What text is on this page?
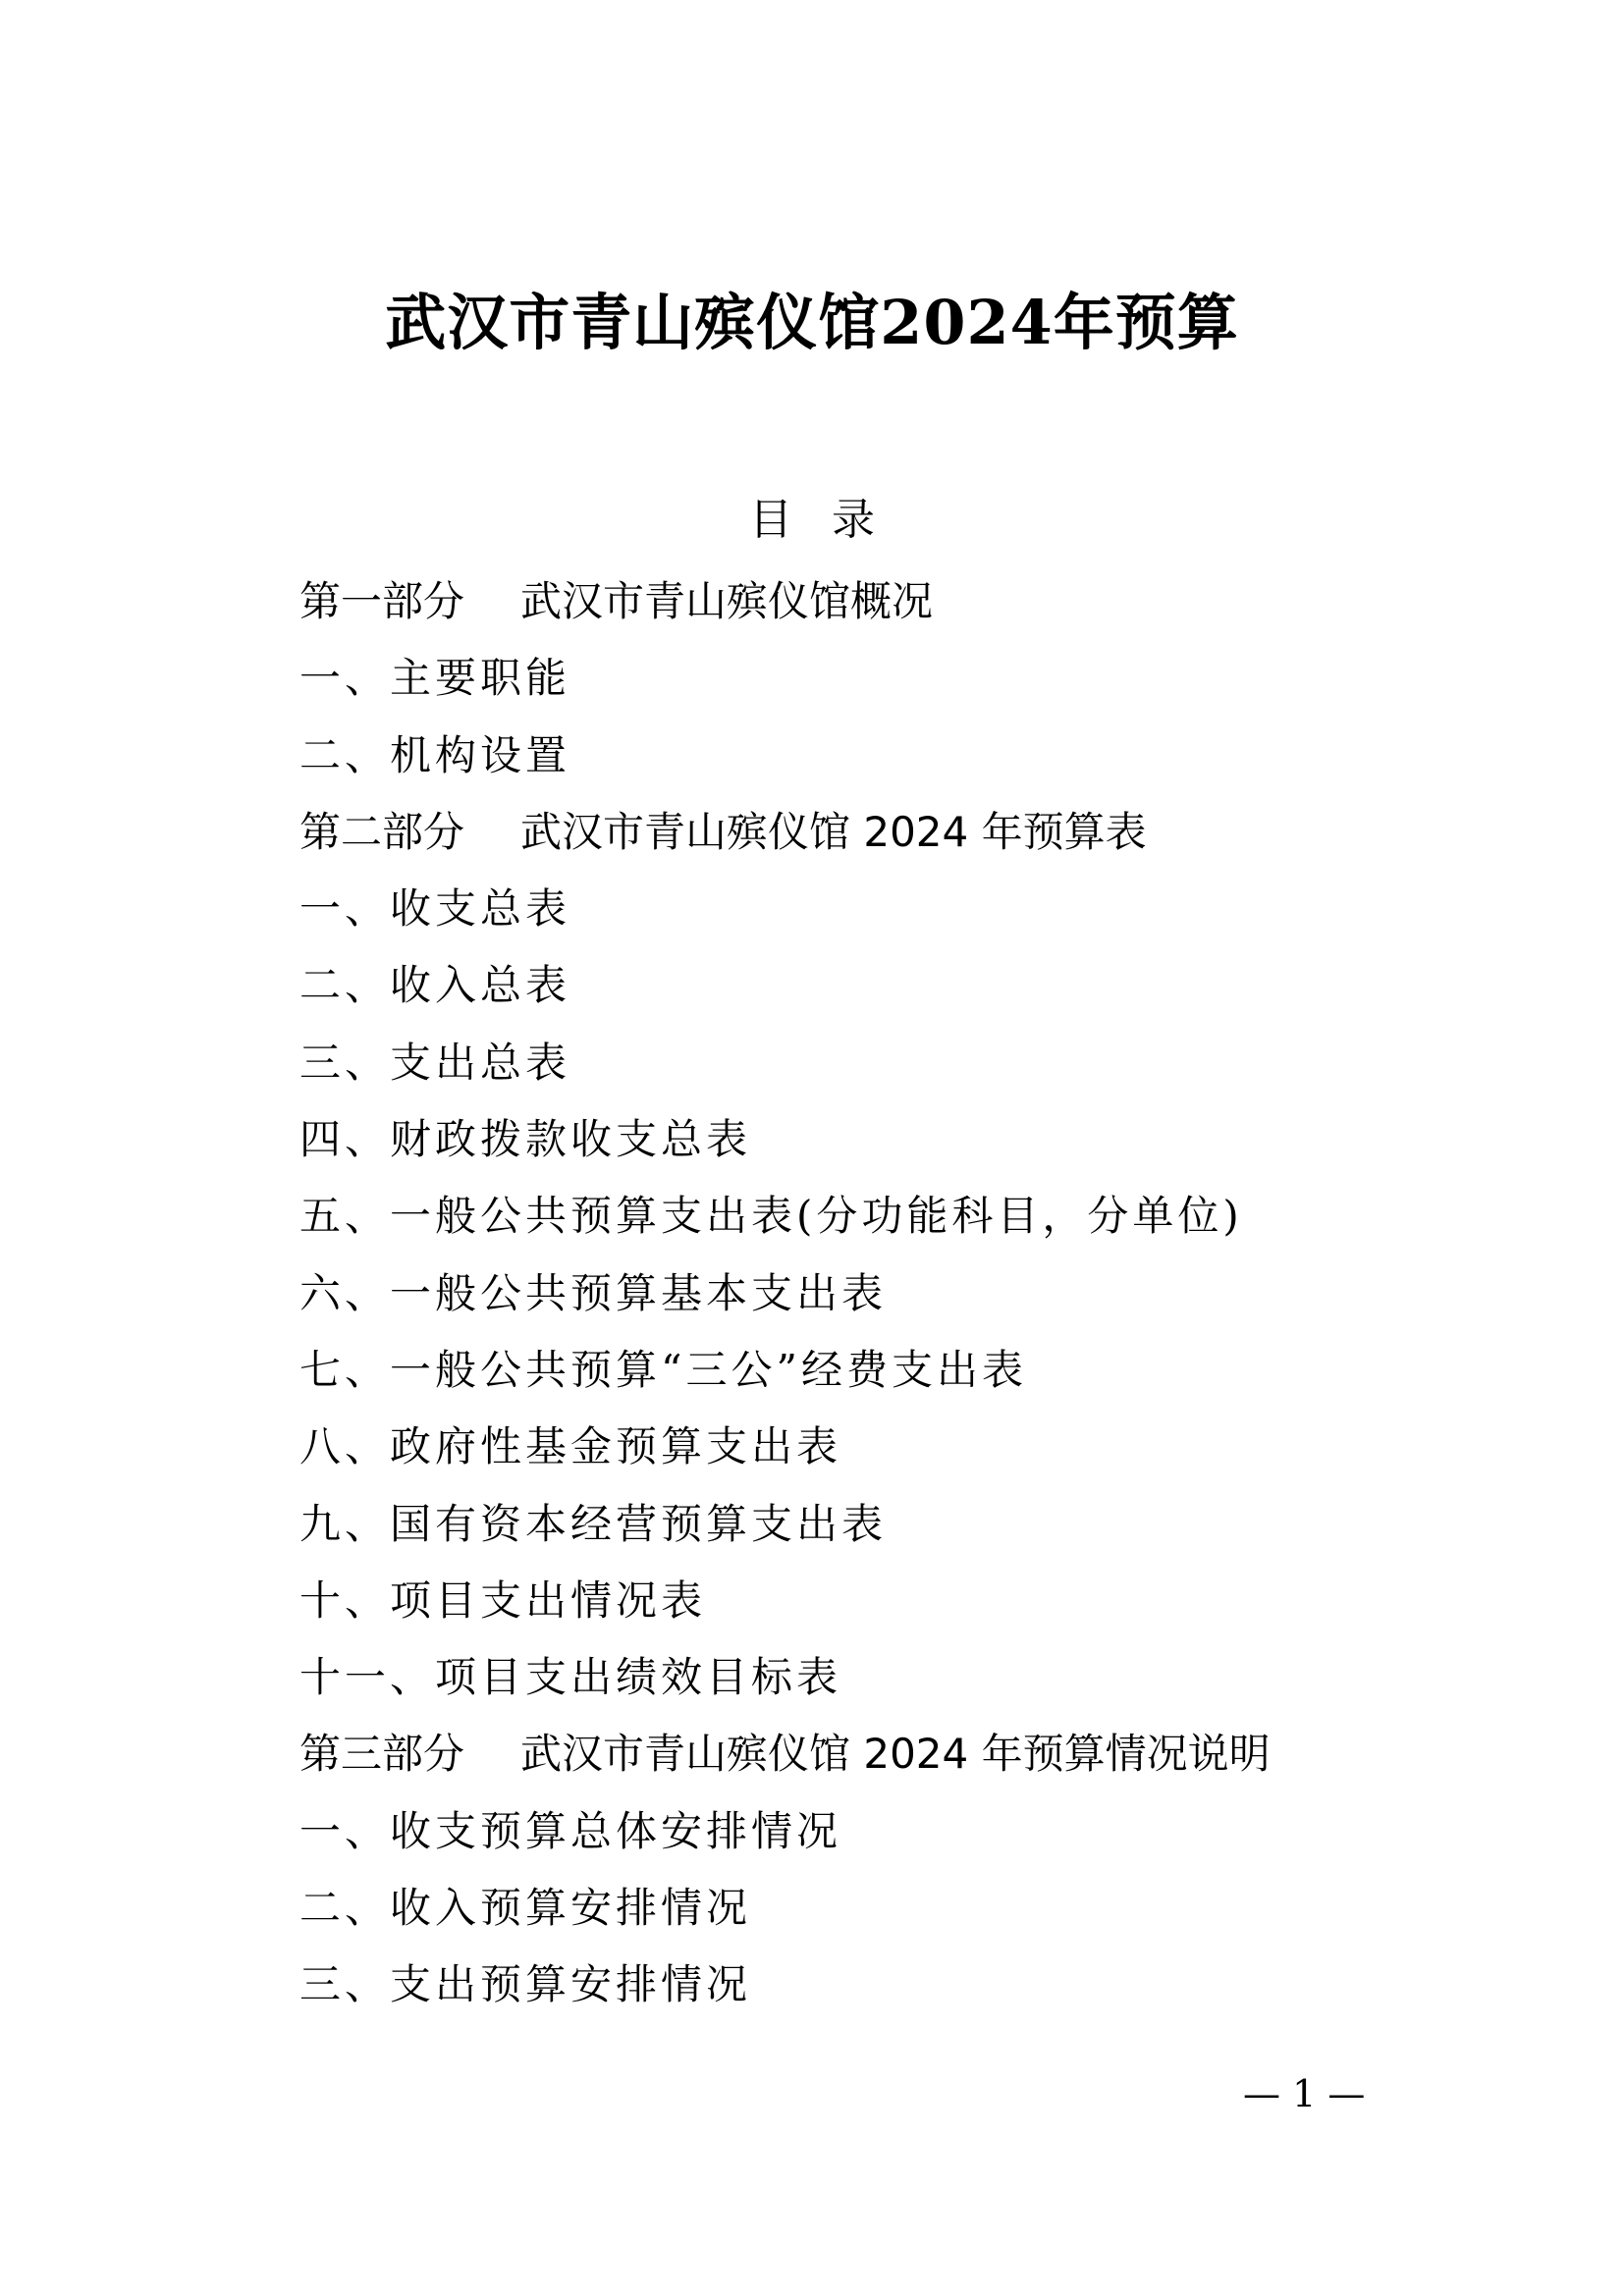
武汉市青山殡仪馆2024年预算
目录
第一部分 武汉市青山殡仪馆概况
一、主要职能
二、机构设置
第二部分 武汉市青山殡仪馆 2024 年预算表
一、收支总表
二、收入总表
三、支出总表
四、财政拨款收支总表
五、一般公共预算支出表(分功能科目，分单位)
六、一般公共预算基本支出表
七、一般公共预算“三公”经费支出表
八、政府性基金预算支出表
九、国有资本经营预算支出表
十、项目支出情况表
十一、项目支出绩效目标表
第三部分 武汉市青山殡仪馆 2024 年预算情况说明
一、收支预算总体安排情况
二、收入预算安排情况
三、支出预算安排情况
— 1 —
